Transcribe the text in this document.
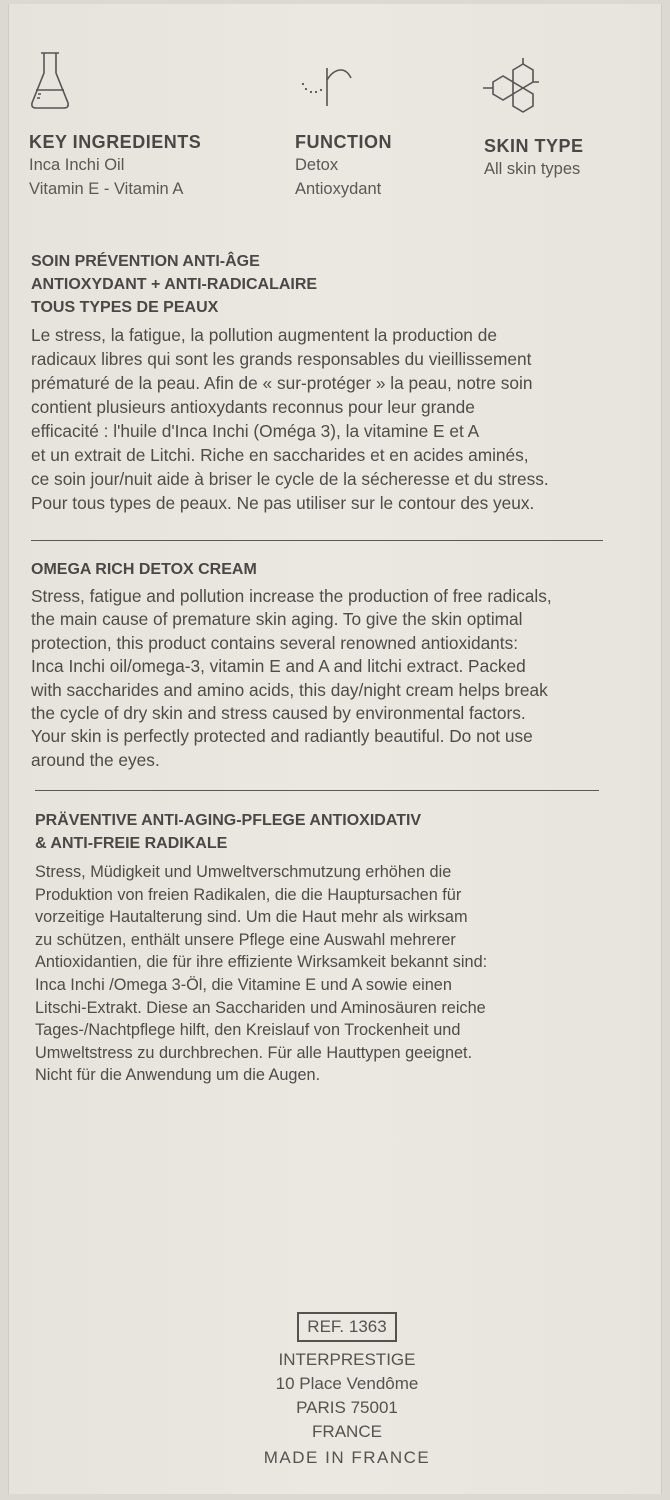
KEY INGREDIENTS
Inca Inchi Oil
Vitamin E - Vitamin A
FUNCTION
Detox
Antioxydant
SKIN TYPE
All skin types
SOIN PRÉVENTION ANTI-ÂGE
ANTIOXYDANT + ANTI-RADICALAIRE
TOUS TYPES DE PEAUX
Le stress, la fatigue, la pollution augmentent la production de
radicaux libres qui sont les grands responsables du vieillissement
prématuré de la peau. Afin de « sur-protéger » la peau, notre soin
contient plusieurs antioxydants reconnus pour leur grande
efficacité : l'huile d'Inca Inchi (Oméga 3), la vitamine E et A
et un extrait de Litchi. Riche en saccharides et en acides aminés,
ce soin jour/nuit aide à briser le cycle de la sécheresse et du stress.
Pour tous types de peaux. Ne pas utiliser sur le contour des yeux.
OMEGA RICH DETOX CREAM
Stress, fatigue and pollution increase the production of free radicals,
the main cause of premature skin aging. To give the skin optimal
protection, this product contains several renowned antioxidants:
Inca Inchi oil/omega-3, vitamin E and A and litchi extract. Packed
with saccharides and amino acids, this day/night cream helps break
the cycle of dry skin and stress caused by environmental factors.
Your skin is perfectly protected and radiantly beautiful. Do not use
around the eyes.
PRÄVENTIVE ANTI-AGING-PFLEGE ANTIOXIDATIV
& ANTI-FREIE RADIKALE
Stress, Müdigkeit und Umweltverschmutzung erhöhen die
Produktion von freien Radikalen, die die Hauptursachen für
vorzeitige Hautalterung sind. Um die Haut mehr als wirksam
zu schützen, enthält unsere Pflege eine Auswahl mehrerer
Antioxidantien, die für ihre effiziente Wirksamkeit bekannt sind:
Inca Inchi /Omega 3-Öl, die Vitamine E und A sowie einen
Litschi-Extrakt. Diese an Sacchariden und Aminosäuren reiche
Tages-/Nachtpflege hilft, den Kreislauf von Trockenheit und
Umweltstress zu durchbrechen. Für alle Hauttypen geeignet.
Nicht für die Anwendung um die Augen.
REF. 1363
INTERPRESTIGE
10 Place Vendôme
PARIS 75001
FRANCE
MADE IN FRANCE
